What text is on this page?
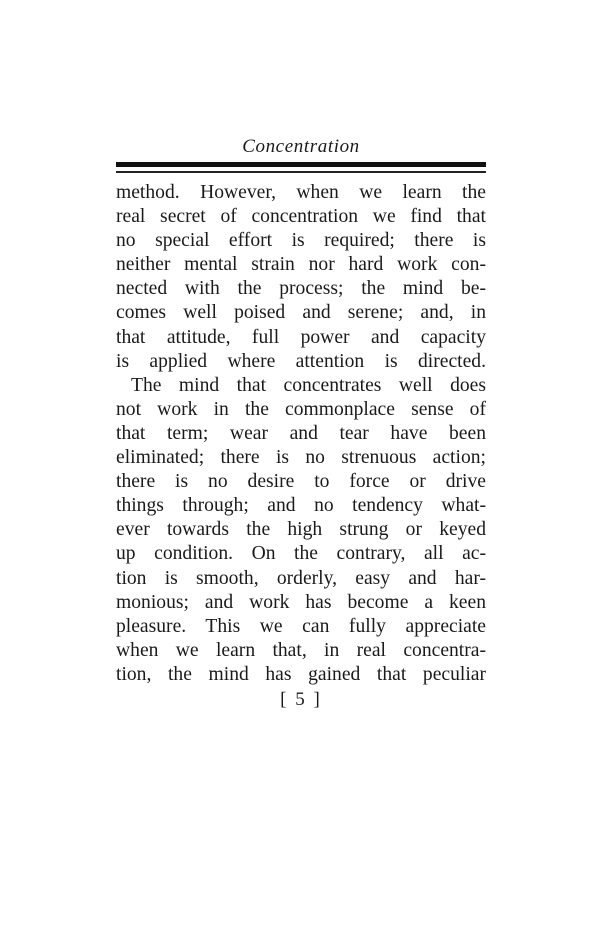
Concentration
method. However, when we learn the
real secret of concentration we find that
no special effort is required; there is
neither mental strain nor hard work con-
nected with the process; the mind be-
comes well poised and serene; and, in
that attitude, full power and capacity
is applied where attention is directed.
The mind that concentrates well does
not work in the commonplace sense of
that term; wear and tear have been
eliminated; there is no strenuous action;
there is no desire to force or drive
things through; and no tendency what-
ever towards the high strung or keyed
up condition. On the contrary, all ac-
tion is smooth, orderly, easy and har-
monious; and work has become a keen
pleasure. This we can fully appreciate
when we learn that, in real concentra-
tion, the mind has gained that peculiar
[ 5 ]
